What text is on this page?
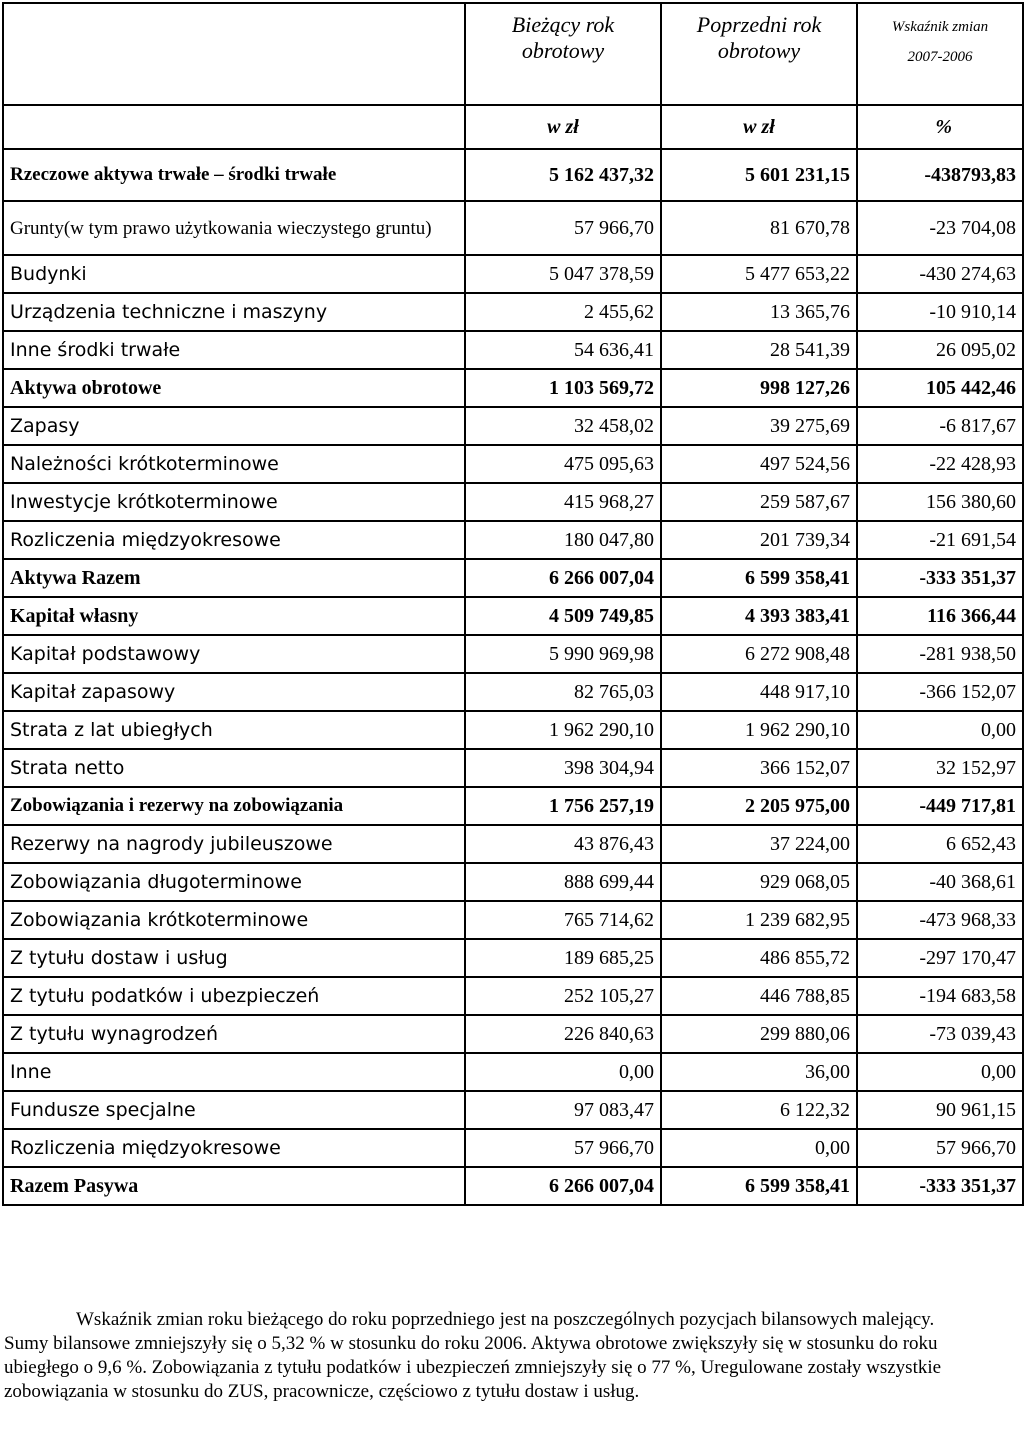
	Bieżący rok obrotowy	Poprzedni rok obrotowy	Wskaźnik zmian
2007-2006
	w zł	w zł	%
Rzeczowe aktywa trwałe – środki trwałe	5 162 437,32	5 601 231,15	-438793,83
Grunty(w tym prawo użytkowania wieczystego gruntu)	57 966,70	81 670,78	-23 704,08
Budynki	5 047 378,59	5 477 653,22	-430 274,63
Urządzenia techniczne i maszyny	2 455,62	13 365,76	-10 910,14
Inne środki trwałe	54 636,41	28 541,39	26 095,02
Aktywa obrotowe	1 103 569,72	998 127,26	105 442,46
Zapasy	32 458,02	39 275,69	-6 817,67
Należności krótkoterminowe	475 095,63	497 524,56	-22 428,93
Inwestycje krótkoterminowe	415 968,27	259 587,67	156 380,60
Rozliczenia międzyokresowe	180 047,80	201 739,34	-21 691,54
Aktywa Razem	6 266 007,04	6 599 358,41	-333 351,37
Kapitał własny	4 509 749,85	4 393 383,41	116 366,44
Kapitał podstawowy	5 990 969,98	6 272 908,48	-281 938,50
Kapitał zapasowy	82 765,03	448 917,10	-366 152,07
Strata z lat ubiegłych	1 962 290,10	1 962 290,10	0,00
Strata netto	398 304,94	366 152,07	32 152,97
Zobowiązania i rezerwy na zobowiązania	1 756 257,19	2 205 975,00	-449 717,81
Rezerwy na nagrody jubileuszowe	43 876,43	37 224,00	6 652,43
Zobowiązania długoterminowe	888 699,44	929 068,05	-40 368,61
Zobowiązania krótkoterminowe	765 714,62	1 239 682,95	-473 968,33
Z tytułu dostaw i usług	189 685,25	486 855,72	-297 170,47
Z tytułu podatków i ubezpieczeń	252 105,27	446 788,85	-194 683,58
Z tytułu wynagrodzeń	226 840,63	299 880,06	-73 039,43
Inne	0,00	36,00	0,00
Fundusze specjalne	97 083,47	6 122,32	90 961,15
Rozliczenia międzyokresowe	57 966,70	0,00	57 966,70
Razem Pasywa	6 266 007,04	6 599 358,41	-333 351,37
Wskaźnik zmian roku bieżącego do roku poprzedniego jest na poszczególnych pozycjach bilansowych malejący. Sumy bilansowe zmniejszyły się o 5,32 % w stosunku do roku 2006. Aktywa obrotowe zwiększyły się w stosunku do roku ubiegłego o 9,6 %. Zobowiązania z tytułu podatków i ubezpieczeń zmniejszyły się o 77 %, Uregulowane zostały wszystkie zobowiązania w stosunku do ZUS, pracownicze, częściowo z tytułu dostaw i usług.
